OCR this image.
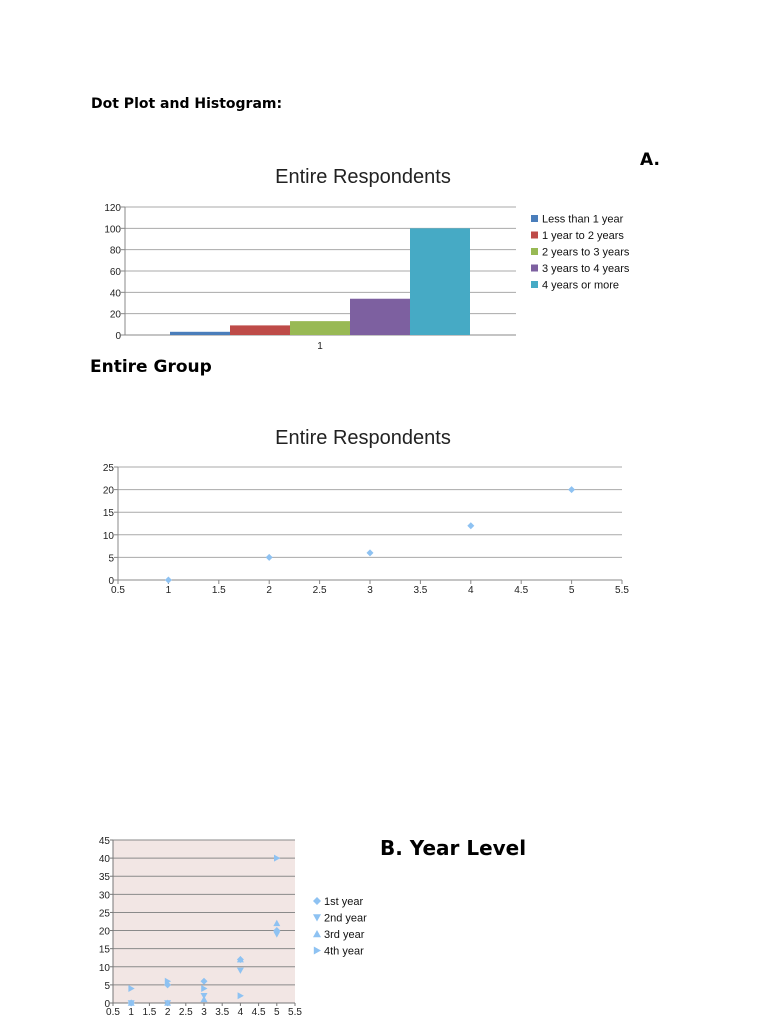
Dot Plot and Histogram:
A.
Entire Group
B. Year Level
Entire Respondents
0
20
40
60
80
100
120
1
Less than 1 year
1 year to 2 years
2 years to 3 years
3 years to 4 years
4 years or more
Entire Respondents
0
5
10
15
20
25
0.5	1	1.5	2	2.5	3	3.5	4	4.5	5	5.5
0
5
10
15
20
25
30
35
40
45
0.5 1 1.5 2 2.5 3 3.5 4 4.5 5 5.5
1st year
2nd year
3rd year
4th year
